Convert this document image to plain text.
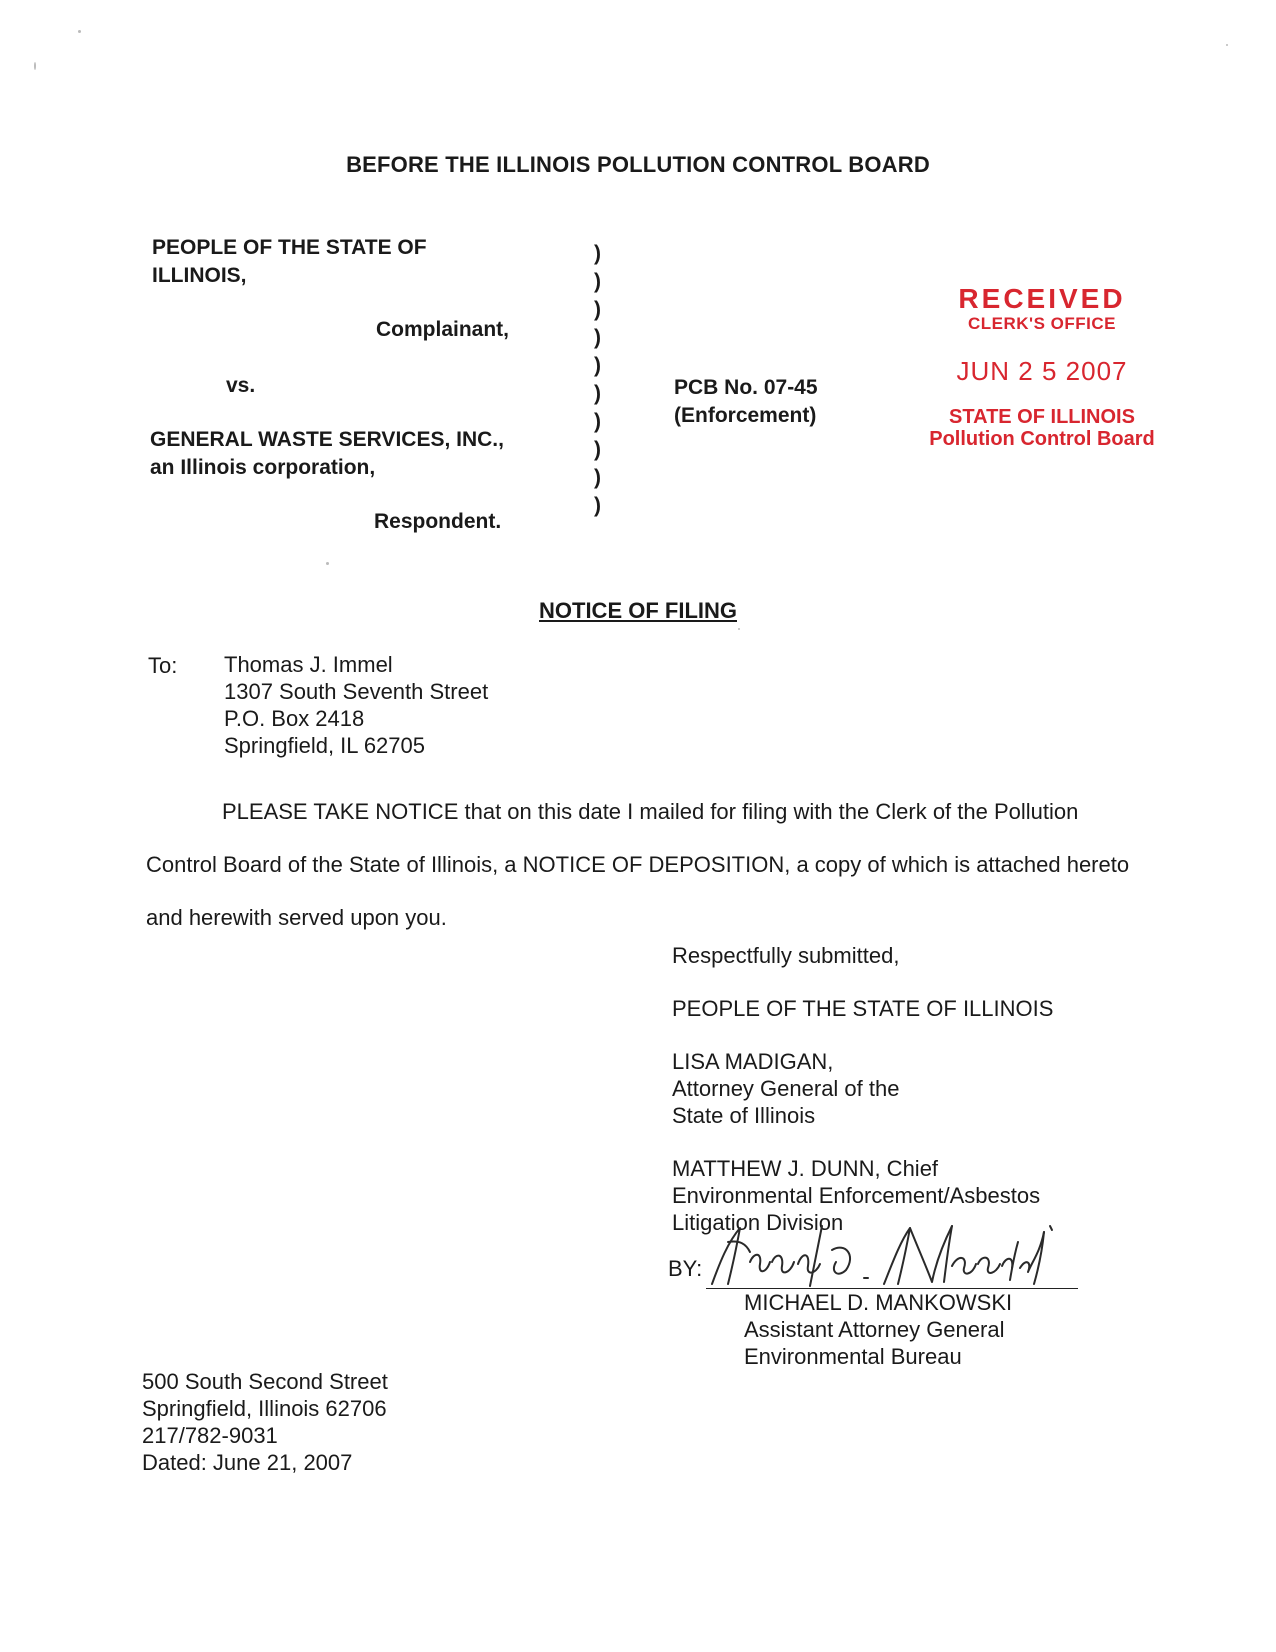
BEFORE THE ILLINOIS POLLUTION CONTROL BOARD
PEOPLE OF THE STATE OF
ILLINOIS,
Complainant,
vs.
GENERAL WASTE SERVICES, INC.,
an Illinois corporation,
Respondent.
)
)
)
)
)
)
)
)
)
)
PCB No. 07-45
(Enforcement)
RECEIVED
CLERK'S OFFICE
JUN 2 5 2007
STATE OF ILLINOIS
Pollution Control Board
NOTICE OF FILING
To: Thomas J. Immel
1307 South Seventh Street
P.O. Box 2418
Springfield, IL 62705
PLEASE TAKE NOTICE that on this date I mailed for filing with the Clerk of the Pollution Control Board of the State of Illinois, a NOTICE OF DEPOSITION, a copy of which is attached hereto and herewith served upon you.
Respectfully submitted,
PEOPLE OF THE STATE OF ILLINOIS
LISA MADIGAN,
Attorney General of the
State of Illinois
MATTHEW J. DUNN, Chief
Environmental Enforcement/Asbestos
Litigation Division
BY:
MICHAEL D. MANKOWSKI
Assistant Attorney General
Environmental Bureau
500 South Second Street
Springfield, Illinois 62706
217/782-9031
Dated: June 21, 2007
